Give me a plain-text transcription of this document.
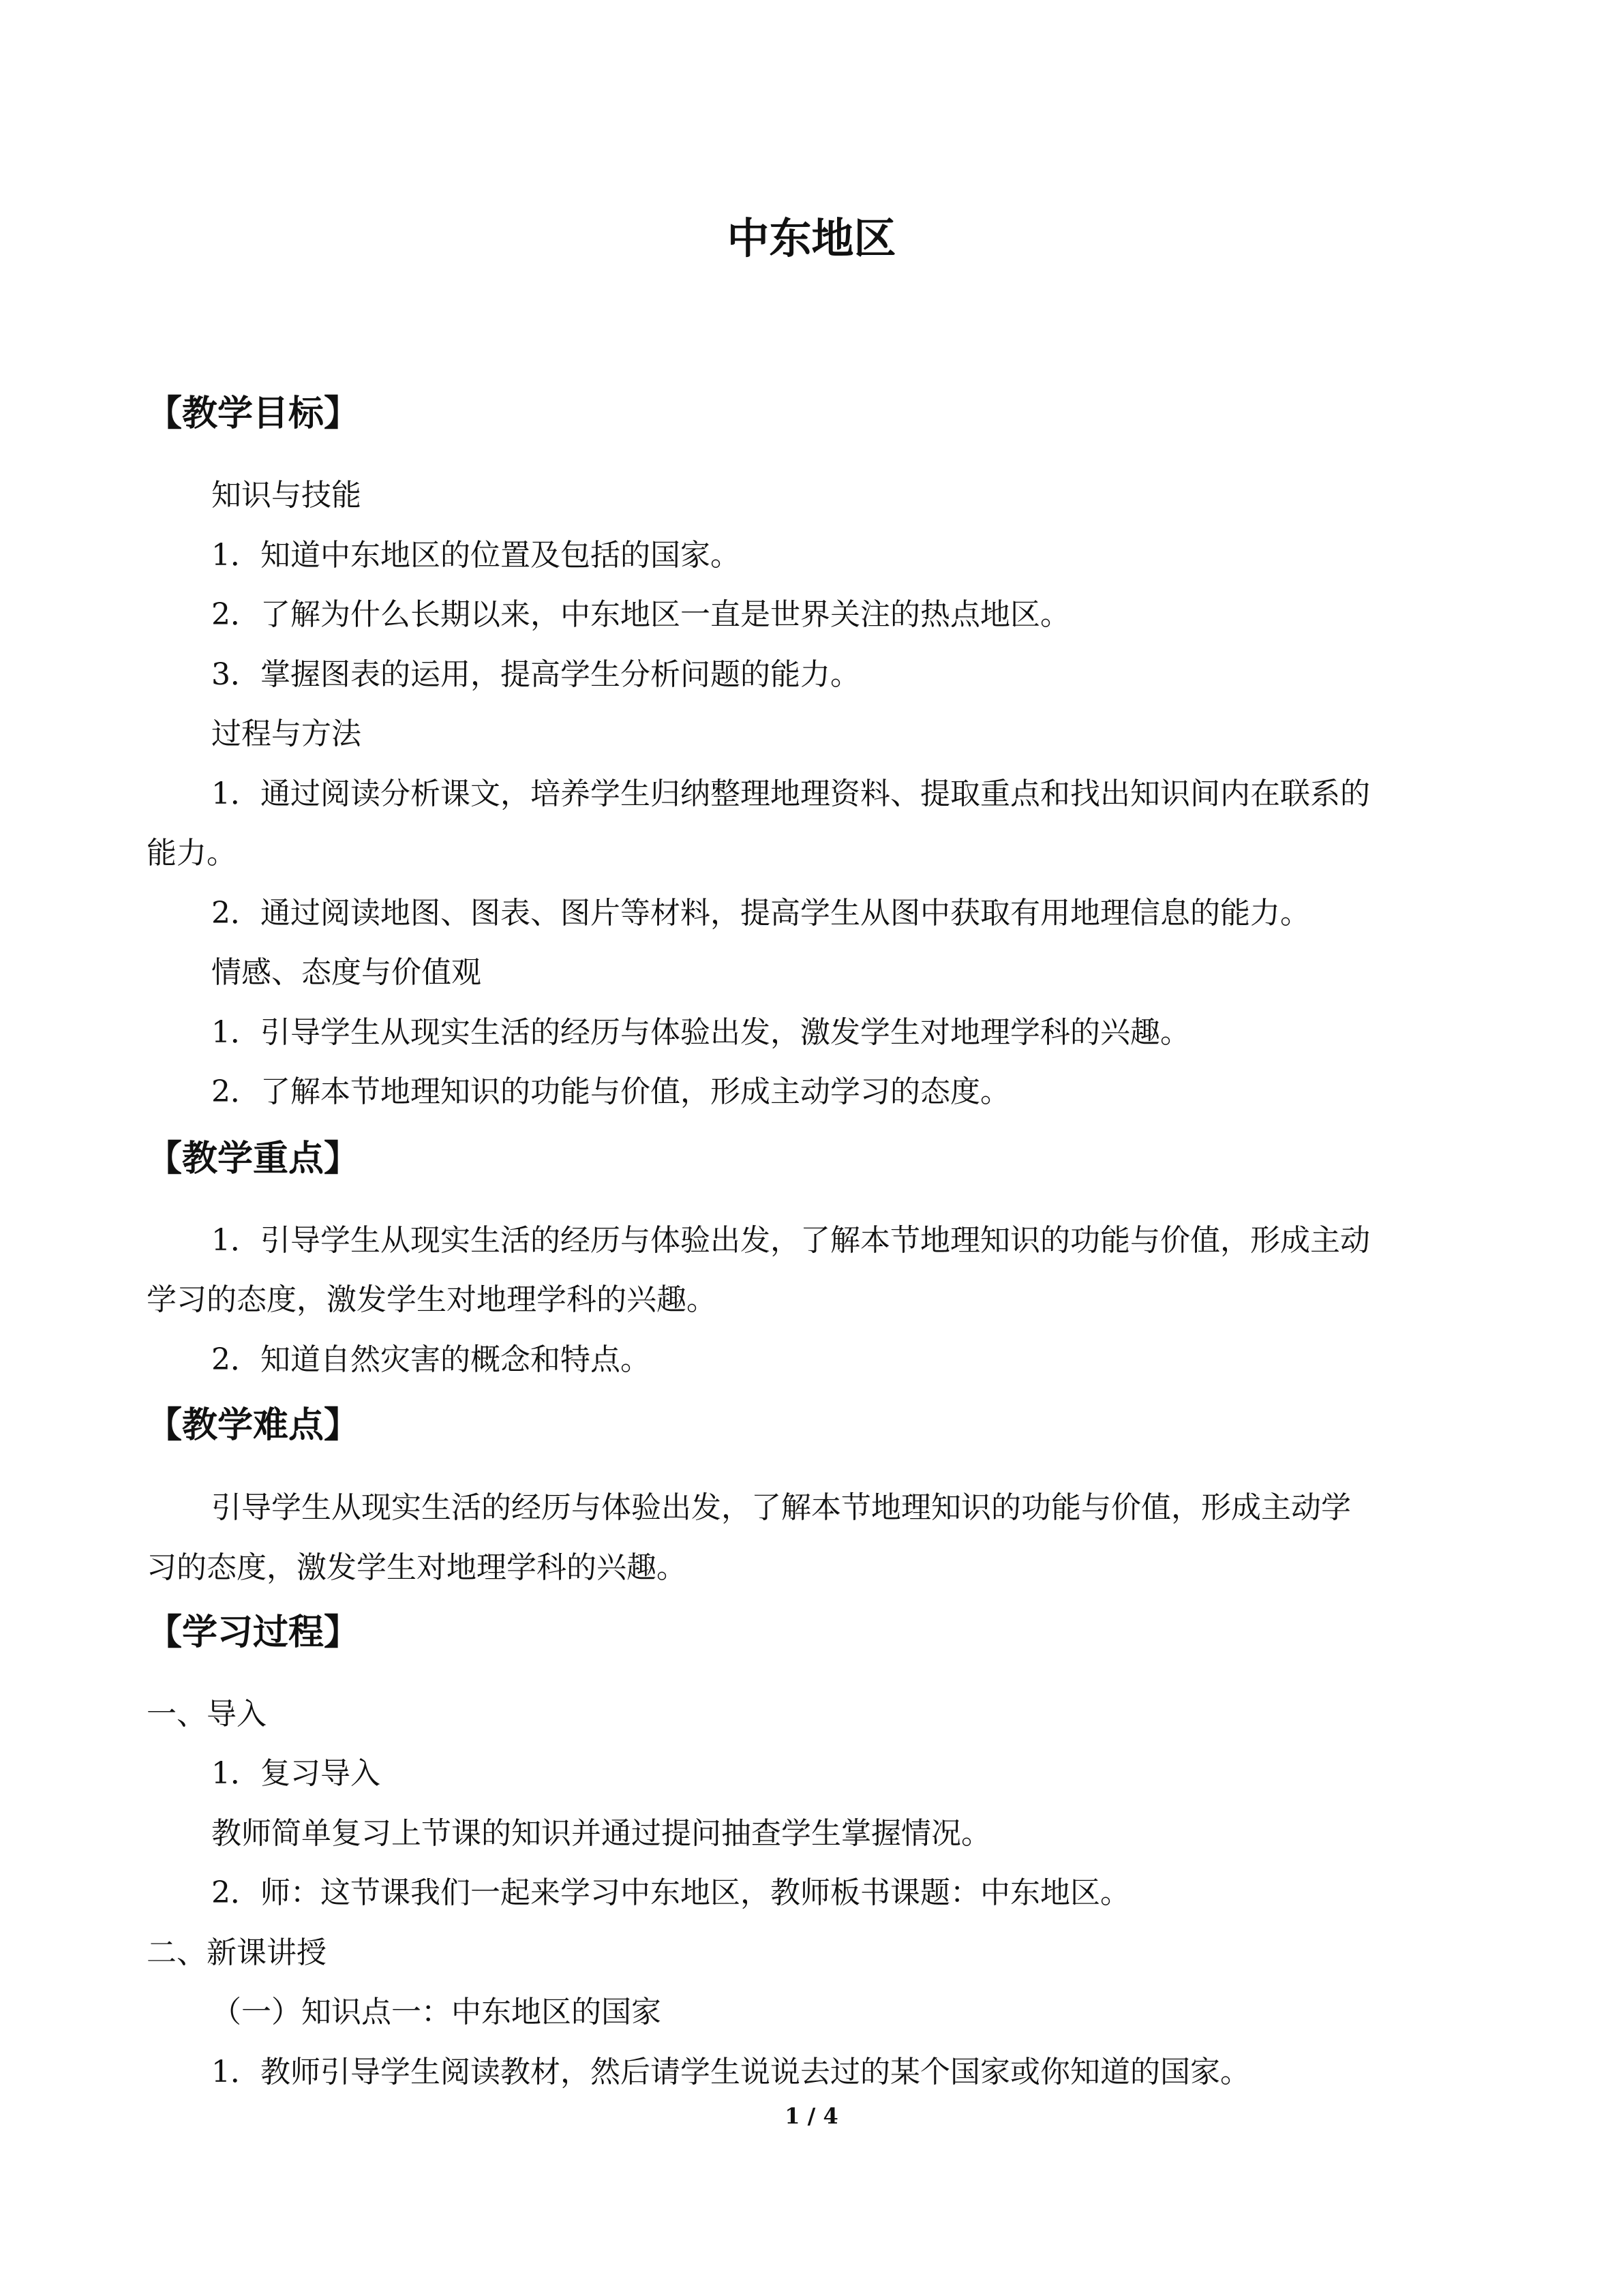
中东地区
【教学目标】
知识与技能
1．知道中东地区的位置及包括的国家。
2．了解为什么长期以来，中东地区一直是世界关注的热点地区。
3．掌握图表的运用，提高学生分析问题的能力。
过程与方法
1．通过阅读分析课文，培养学生归纳整理地理资料、提取重点和找出知识间内在联系的
能力。
2．通过阅读地图、图表、图片等材料，提高学生从图中获取有用地理信息的能力。
情感、态度与价值观
1．引导学生从现实生活的经历与体验出发，激发学生对地理学科的兴趣。
2．了解本节地理知识的功能与价值，形成主动学习的态度。
【教学重点】
1．引导学生从现实生活的经历与体验出发，了解本节地理知识的功能与价值，形成主动
学习的态度，激发学生对地理学科的兴趣。
2．知道自然灾害的概念和特点。
【教学难点】
引导学生从现实生活的经历与体验出发，了解本节地理知识的功能与价值，形成主动学
习的态度，激发学生对地理学科的兴趣。
【学习过程】
一、导入
1．复习导入
教师简单复习上节课的知识并通过提问抽查学生掌握情况。
2．师：这节课我们一起来学习中东地区，教师板书课题：中东地区。
二、新课讲授
（一）知识点一：中东地区的国家
1．教师引导学生阅读教材，然后请学生说说去过的某个国家或你知道的国家。
1 / 4
